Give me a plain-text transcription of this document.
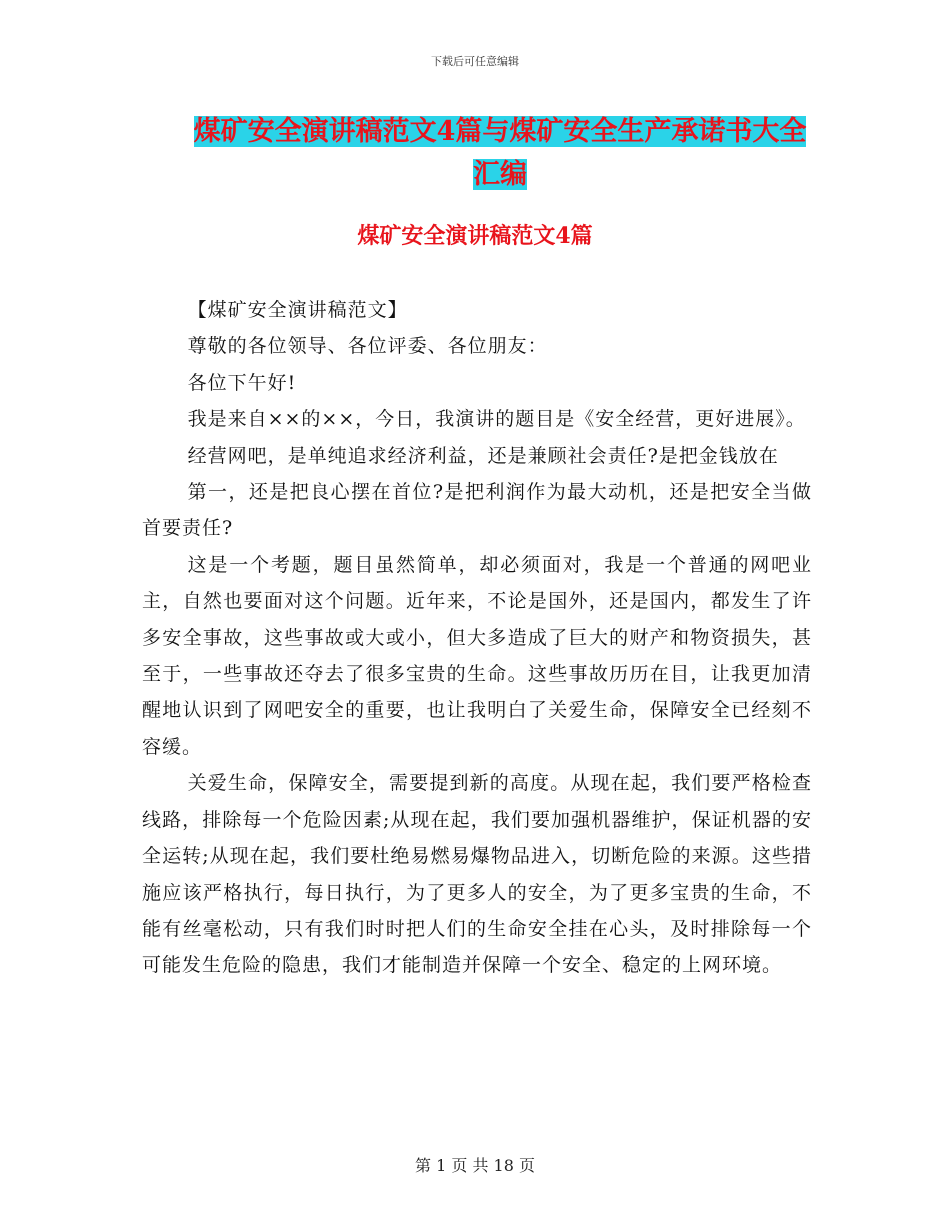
下载后可任意编辑
煤矿安全演讲稿范文4篇与煤矿安全生产承诺书大全
汇编
煤矿安全演讲稿范文4篇

【煤矿安全演讲稿范文】

尊敬的各位领导、各位评委、各位朋友：

各位下午好!

我是来自××的××，今日，我演讲的题目是《安全经营，更好进展》。

经营网吧，是单纯追求经济利益，还是兼顾社会责任?是把金钱放在

第一，还是把良心摆在首位?是把利润作为最大动机，还是把安全当做首要责任?

这是一个考题，题目虽然简单，却必须面对，我是一个普通的网吧业主，自然也要面对这个问题。近年来，不论是国外，还是国内，都发生了许多安全事故，这些事故或大或小，但大多造成了巨大的财产和物资损失，甚至于，一些事故还夺去了很多宝贵的生命。这些事故历历在目，让我更加清醒地认识到了网吧安全的重要，也让我明白了关爱生命，保障安全已经刻不容缓。

关爱生命，保障安全，需要提到新的高度。从现在起，我们要严格检查线路，排除每一个危险因素;从现在起，我们要加强机器维护，保证机器的安全运转;从现在起，我们要杜绝易燃易爆物品进入，切断危险的来源。这些措施应该严格执行，每日执行，为了更多人的安全，为了更多宝贵的生命，不能有丝毫松动，只有我们时时把人们的生命安全挂在心头，及时排除每一个可能发生危险的隐患，我们才能制造并保障一个安全、稳定的上网环境。

第 1 页 共 18 页
